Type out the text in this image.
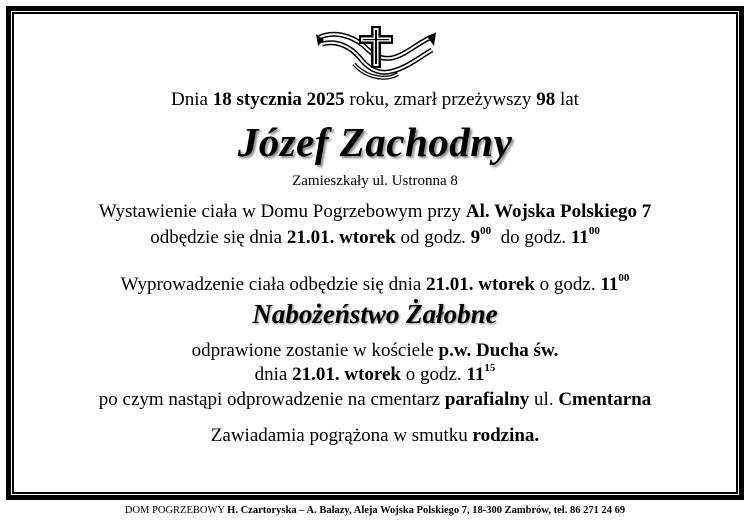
Dnia 18 stycznia 2025 roku, zmarł przeżywszy 98 lat
Józef Zachodny
Zamieszkały ul. Ustronna 8
Wystawienie ciała w Domu Pogrzebowym przy Al. Wojska Polskiego 7
odbędzie się dnia 21.01. wtorek od godz. $9^{00}$  do godz. $11^{00}$
Wyprowadzenie ciała odbędzie się dnia 21.01. wtorek o godz. $11^{00}$
Nabożeństwo Żałobne
odprawione zostanie w kościele p.w. Ducha św.
dnia 21.01. wtorek o godz. $11^{15}$
po czym nastąpi odprowadzenie na cmentarz parafialny ul. Cmentarna
Zawiadamia pogrążona w smutku rodzina.
DOM POGRZEBOWY H. Czartoryska – A. Bałazy, Aleja Wojska Polskiego 7, 18-300 Zambrów, tel. 86 271 24 69
